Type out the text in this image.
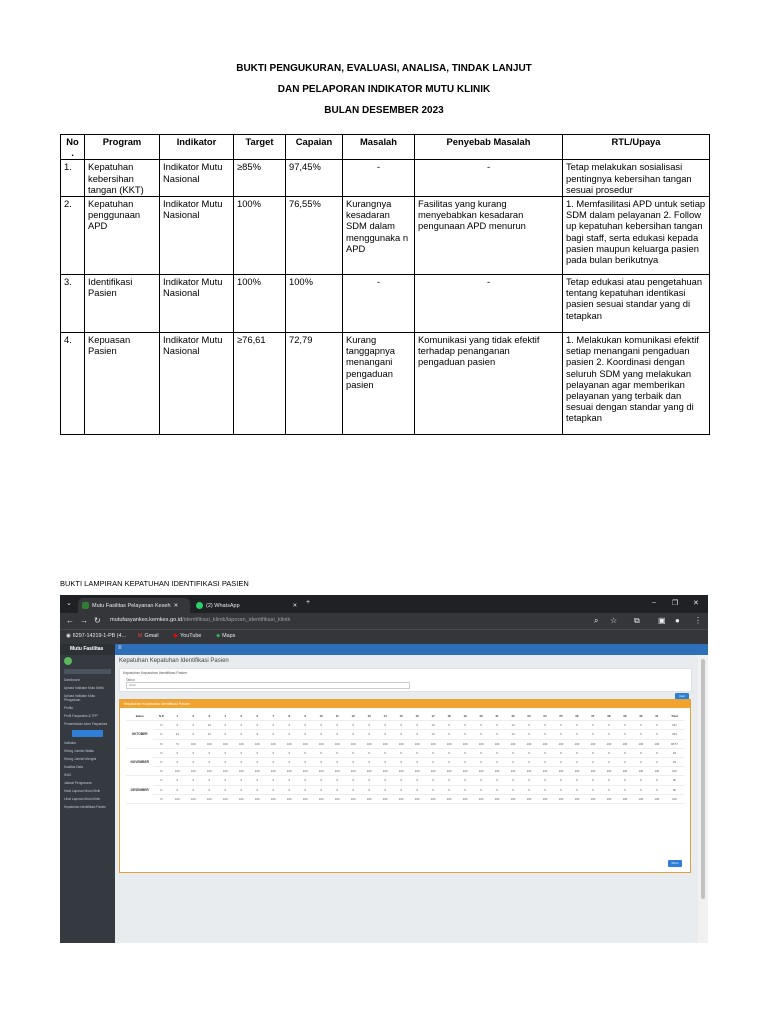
BUKTI PENGUKURAN, EVALUASI, ANALISA, TINDAK LANJUT
DAN PELAPORAN INDIKATOR MUTU KLINIK
BULAN DESEMBER 2023
No .	Program	Indikator	Target	Capaian	Masalah	Penyebab Masalah	RTL/Upaya
1.	Kepatuhan kebersihan tangan (KKT)	Indikator Mutu Nasional	≥85%	97,45%	-	-	Tetap melakukan sosialisasi pentingnya kebersihan tangan sesuai prosedur
2.	Kepatuhan penggunaan APD	Indikator Mutu Nasional	100%	76,55%	Kurangnya kesadaran SDM dalam menggunaka n APD	Fasilitas yang kurang menyebabkan kesadaran pengunaan APD menurun	1. Memfasilitasi APD untuk setiap SDM dalam pelayanan 2. Follow up kepatuhan kebersihan tangan bagi staff, serta edukasi kepada pasien maupun keluarga pasien pada bulan berikutnya
3.	Identifikasi Pasien	Indikator Mutu Nasional	100%	100%	-	-	Tetap edukasi atau pengetahuan tentang kepatuhan identikasi pasien sesuai standar yang di tetapkan
4.	Kepuasan Pasien	Indikator Mutu Nasional	≥76,61	72,79	Kurang tanggapnya menangani pengaduan pasien	Komunikasi yang tidak efektif terhadap penanganan pengaduan pasien	1. Melakukan komunikasi efektif setiap menangani pengaduan pasien 2. Koordinasi dengan seluruh SDM yang melakukan pelayanan agar memberikan pelayanan yang terbaik dan sesuai dengan standar yang di tetapkan
BUKTI LAMPIRAN KEPATUHAN IDENTIFIKASI PASIEN
⌄	Mutu Fasilitas Pelayanan Keseh ✕	(2) WhatsApp	✕ +	– ❐ ✕
← → ↻ mutufasyankes.kemkes.go.id/identifikasi_klinik/laporan_identifikasi_klinik	⌕ ☆ ⧉ ▣ ● ⋮
◉ 6297-14219-1-PB (4... M Gmail	▶ YouTube	◆ Maps
Mutu Fasilitas
Dashboard
Upload Indikator Mutu Klinik
Upload Indikator Mutu Pengaduan
Profile
Profil Fasyankes & TPP
Penambahan Akun Fasyankes
Indikator
Hitung Jumlah Waktu
Hitung Jumlah Mengisi
Kualitas Data
IKAS
Jadwal Pengukuran
Hasil Laporan Mutu Klinik
Lihat Laporan Mutu Klinik
Kepatuhan Identifikasi Pasien
≡
Kepatuhan Kepatuhan Identifikasi Pasien
Kepatuhan Kepatuhan Identifikasi Pasien
Tahun
2023
Cari
Kepatuhan Kepatuhan Identifikasi Pasien
Bulan	N D	1	2	3	4	5	6	7	8	9	10	11	12	13	14	15	16	17	18	19	20	21	22	23	24	25	26	27	28	29	30	31	Total
OKTOBER	N	9	6	13	6	6	9	6	6	6	6	6	6	6	6	6	6	13	6	6	6	6	13	6	6	6	6	6	6	6	6	6	197
	D	13	6	13	6	6	9	6	6	6	6	6	6	6	6	6	6	13	6	6	6	6	13	6	6	6	6	6	6	6	6	6	204
	%	71	100	100	100	100	100	100	100	100	100	100	100	100	100	100	100	100	100	100	100	100	100	100	100	100	100	100	100	100	100	100	98,57
NOVEMBER	N	6	6	6	6	6	6	6	6	6	6	6	6	6	6	6	6	6	6	6	6	6	6	6	6	6	6	6	6	6	6	6	93
	D	6	6	6	6	6	6	6	6	6	6	6	6	6	6	6	6	6	6	6	6	6	6	6	6	6	6	6	6	6	6	6	93
	%	100	100	100	100	100	100	100	100	100	100	100	100	100	100	100	100	100	100	100	100	100	100	100	100	100	100	100	100	100	100	100	100
DESEMBER	N	6	6	6	6	6	6	6	6	6	6	6	6	6	6	6	6	6	6	6	6	6	6	6	6	6	6	6	6	6	6	6	96
	D	6	6	6	6	6	6	6	6	6	6	6	6	6	6	6	6	6	6	6	6	6	6	6	6	6	6	6	6	6	6	6	96
	%	100	100	100	100	100	100	100	100	100	100	100	100	100	100	100	100	100	100	100	100	100	100	100	100	100	100	100	100	100	100	100	100
Kirim
